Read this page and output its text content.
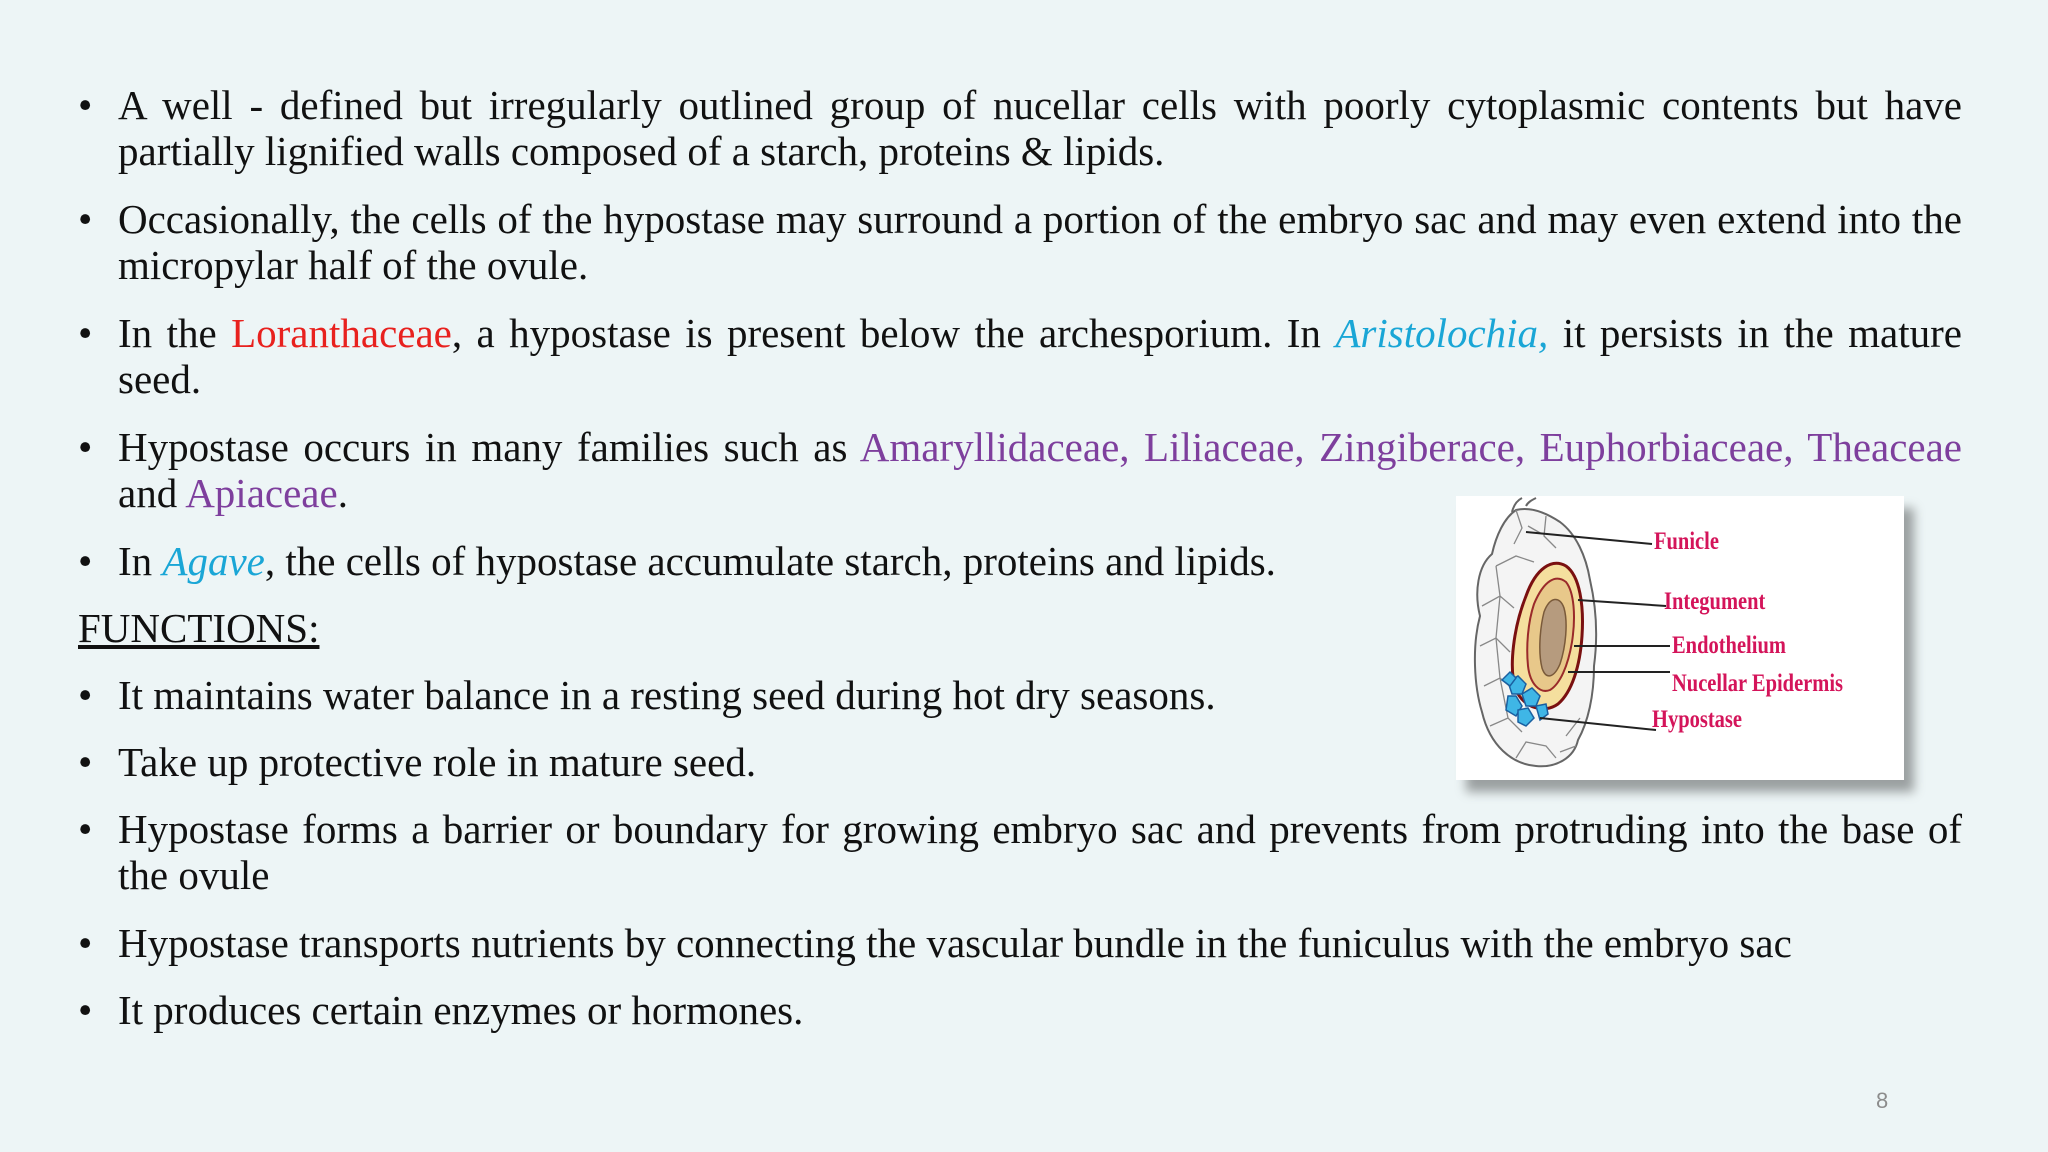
• A well - defined but irregularly outlined group of nucellar cells with poorly cytoplasmic contents but have partially lignified walls composed of a starch, proteins & lipids.
• Occasionally, the cells of the hypostase may surround a portion of the embryo sac and may even extend into the micropylar half of the ovule.
• In the Loranthaceae, a hypostase is present below the archesporium. In Aristolochia, it persists in the mature seed.
• Hypostase occurs in many families such as Amaryllidaceae, Liliaceae, Zingiberace, Euphorbiaceae, Theaceae and Apiaceae.
• In Agave, the cells of hypostase accumulate starch, proteins and lipids.
FUNCTIONS:
• It maintains water balance in a resting seed during hot dry seasons.
• Take up protective role in mature seed.
• Hypostase forms a barrier or boundary for growing embryo sac and prevents from protruding into the base of the ovule
• Hypostase transports nutrients by connecting the vascular bundle in the funiculus with the embryo sac
• It produces certain enzymes or hormones.
Funicle
Integument
Endothelium
Nucellar Epidermis
Hypostase
8
